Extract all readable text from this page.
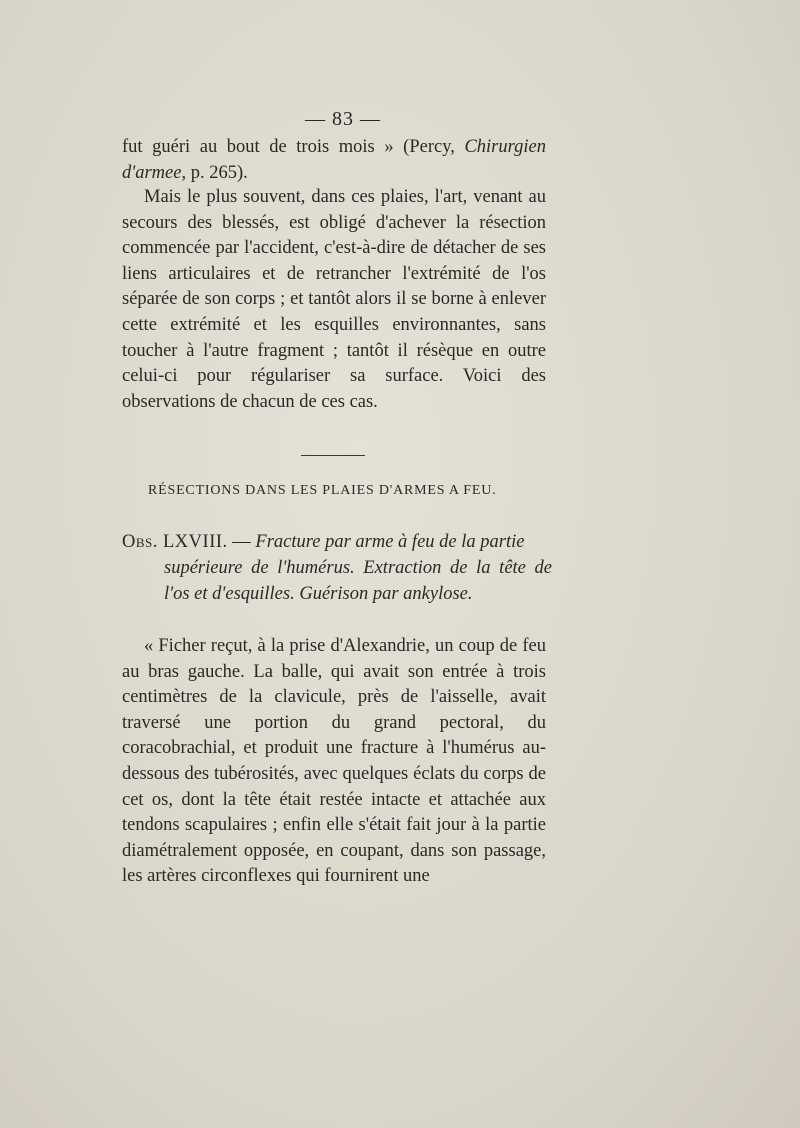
— 83 —

fut guéri au bout de trois mois » (Percy, Chirurgien d'armee, p. 265).

Mais le plus souvent, dans ces plaies, l'art, venant au secours des blessés, est obligé d'achever la résection commencée par l'accident, c'est-à-dire de détacher de ses liens articulaires et de retrancher l'extrémité de l'os séparée de son corps ; et tantôt alors il se borne à enlever cette extrémité et les esquilles environnantes, sans toucher à l'autre fragment ; tantôt il résèque en outre celui-ci pour régulariser sa surface. Voici des observations de chacun de ces cas.

RÉSECTIONS DANS LES PLAIES D'ARMES A FEU.
Obs. LXVIII. — Fracture par arme à feu de la partie
supérieure de l'humérus. Extraction de la tête de l'os et d'esquilles. Guérison par ankylose.

« Ficher reçut, à la prise d'Alexandrie, un coup de feu au bras gauche. La balle, qui avait son entrée à trois centimètres de la clavicule, près de l'aisselle, avait traversé une portion du grand pectoral, du coracobrachial, et produit une fracture à l'humérus au-dessous des tubérosités, avec quelques éclats du corps de cet os, dont la tête était restée intacte et attachée aux tendons scapulaires ; enfin elle s'était fait jour à la partie diamétralement opposée, en coupant, dans son passage, les artères circonflexes qui fournirent une
